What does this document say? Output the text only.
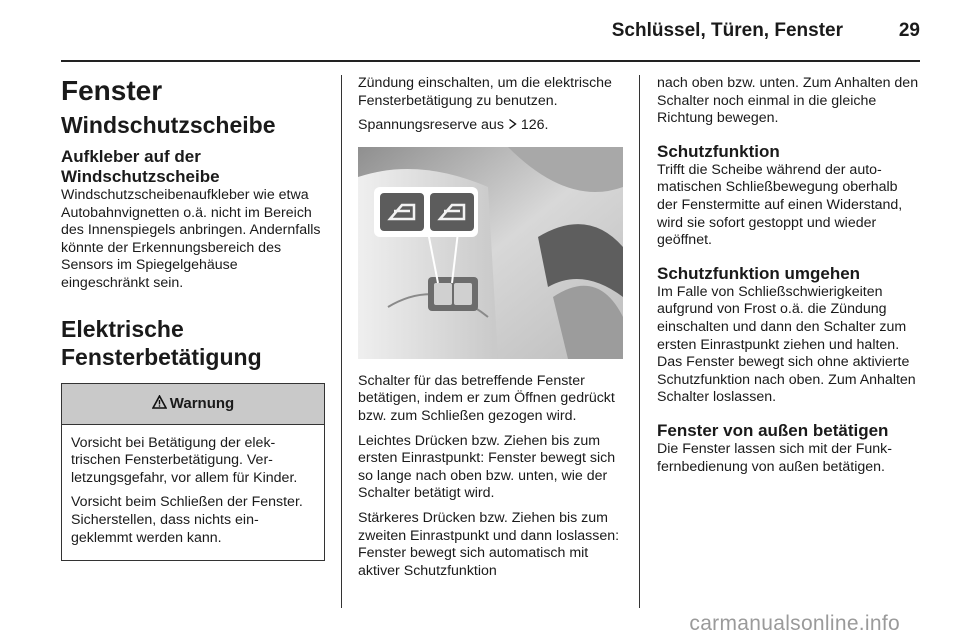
Schlüssel, Türen, Fenster	29
Fenster
Windschutzscheibe
Aufkleber auf der Windschutzscheibe

Windschutzscheibenaufkleber wie etwa Autobahnvignetten o.ä. nicht im Bereich des Innenspiegels anbringen. Andernfalls könnte der Erkennungsbereich des Sensors im Spiegelgehäuse eingeschränkt sein.

Elektrische
Fensterbetätigung
Warnung

Vorsicht bei Betätigung der elektrischen Fensterbetätigung. Verletzungsgefahr, vor allem für Kinder.

Vorsicht beim Schließen der Fenster. Sicherstellen, dass nichts eingeklemmt werden kann.

Zündung einschalten, um die elektrische Fensterbetätigung zu benutzen.

Spannungsreserve aus 126.

Schalter für das betreffende Fenster betätigen, indem er zum Öffnen gedrückt bzw. zum Schließen gezogen wird.

Leichtes Drücken bzw. Ziehen bis zum ersten Einrastpunkt: Fenster bewegt sich so lange nach oben bzw. unten, wie der Schalter betätigt wird.

Stärkeres Drücken bzw. Ziehen bis zum zweiten Einrastpunkt und dann loslassen: Fenster bewegt sich automatisch mit aktiver Schutzfunktion

nach oben bzw. unten. Zum Anhalten den Schalter noch einmal in die gleiche Richtung bewegen.

Schutzfunktion

Trifft die Scheibe während der automatischen Schließbewegung oberhalb der Fenstermitte auf einen Widerstand, wird sie sofort gestoppt und wieder geöffnet.

Schutzfunktion umgehen

Im Falle von Schließschwierigkeiten aufgrund von Frost o.ä. die Zündung einschalten und dann den Schalter zum ersten Einrastpunkt ziehen und halten. Das Fenster bewegt sich ohne aktivierte Schutzfunktion nach oben. Zum Anhalten Schalter loslassen.

Fenster von außen betätigen

Die Fenster lassen sich mit der Funkfernbedienung von außen betätigen.

carmanualsonline.info
